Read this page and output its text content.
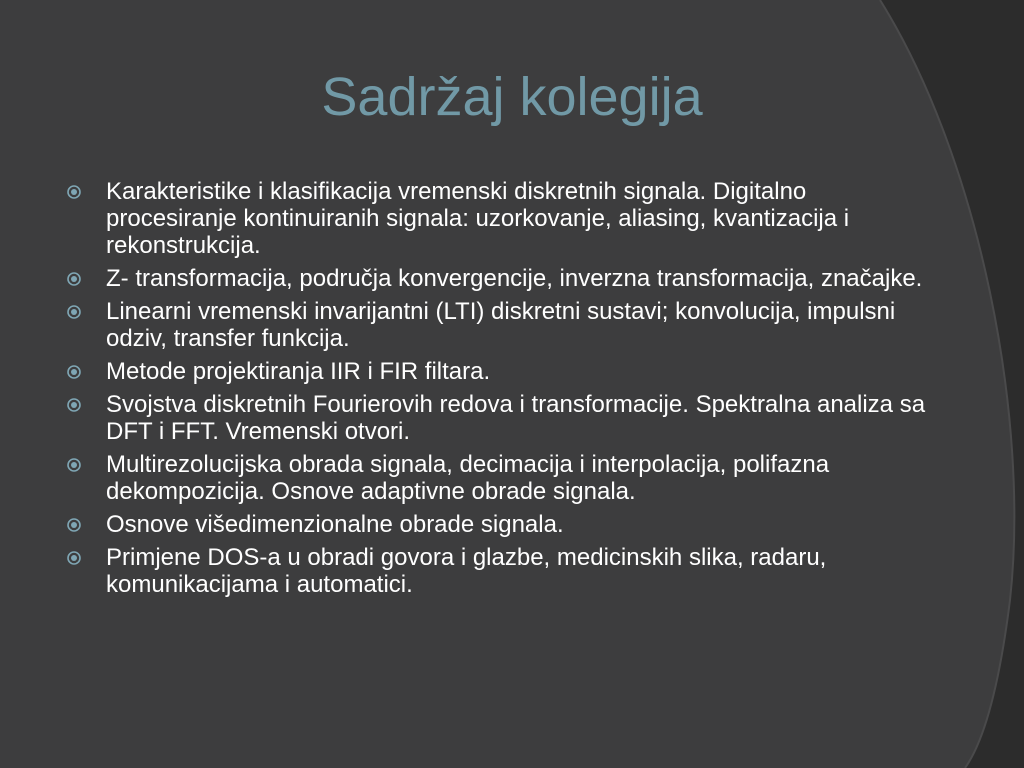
Sadržaj kolegija
Karakteristike i klasifikacija vremenski diskretnih signala. Digitalno procesiranje kontinuiranih signala: uzorkovanje, aliasing, kvantizacija i rekonstrukcija.
Z- transformacija, područja konvergencije, inverzna transformacija, značajke.
Linearni vremenski invarijantni (LTI) diskretni sustavi; konvolucija, impulsni odziv, transfer funkcija.
Metode projektiranja IIR i FIR filtara.
Svojstva diskretnih Fourierovih redova i transformacije. Spektralna analiza sa DFT i FFT. Vremenski otvori.
Multirezolucijska obrada signala, decimacija i interpolacija, polifazna dekompozicija. Osnove adaptivne obrade signala.
Osnove višedimenzionalne obrade signala.
Primjene DOS-a u obradi govora i glazbe, medicinskih slika, radaru, komunikacijama i automatici.
